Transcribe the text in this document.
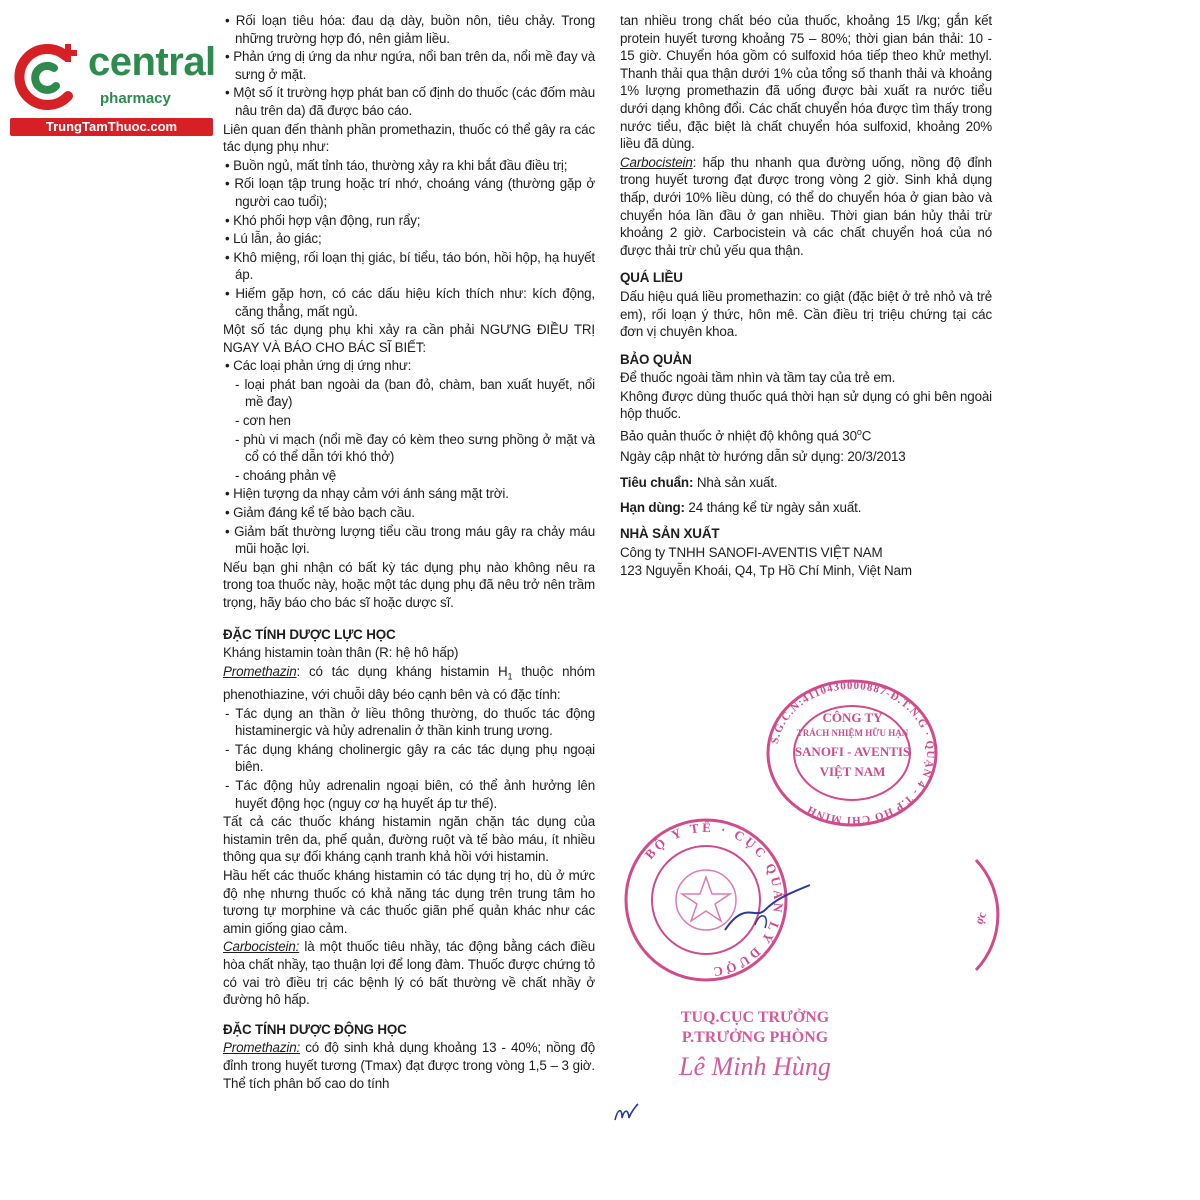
central
pharmacy
TrungTamThuoc.com

• Rối loạn tiêu hóa: đau dạ dày, buồn nôn, tiêu chảy. Trong những trường hợp đó, nên giảm liều.

• Phản ứng dị ứng da như ngứa, nổi ban trên da, nổi mề đay và sưng ở mặt.

• Một số ít trường hợp phát ban cố định do thuốc (các đốm màu nâu trên da) đã được báo cáo.

Liên quan đến thành phần promethazin, thuốc có thể gây ra các tác dụng phụ như:

• Buồn ngủ, mất tỉnh táo, thường xảy ra khi bắt đầu điều trị;

• Rối loạn tập trung hoặc trí nhớ, choáng váng (thường gặp ở người cao tuổi);

• Khó phối hợp vận động, run rẩy;

• Lú lẫn, ảo giác;

• Khô miệng, rối loạn thị giác, bí tiểu, táo bón, hồi hộp, hạ huyết áp.

• Hiếm gặp hơn, có các dấu hiệu kích thích như: kích động, căng thẳng, mất ngủ.

Một số tác dụng phụ khi xảy ra cần phải NGƯNG ĐIỀU TRỊ NGAY VÀ BÁO CHO BÁC SĨ BIẾT:

• Các loại phản ứng dị ứng như:

- loại phát ban ngoài da (ban đỏ, chàm, ban xuất huyết, nổi mề đay)

- cơn hen

- phù vi mạch (nổi mề đay có kèm theo sưng phồng ở mặt và cổ có thể dẫn tới khó thở)

- choáng phản vệ

• Hiện tượng da nhạy cảm với ánh sáng mặt trời.

• Giảm đáng kể tế bào bạch cầu.

• Giảm bất thường lượng tiểu cầu trong máu gây ra chảy máu mũi hoặc lợi.

Nếu bạn ghi nhận có bất kỳ tác dụng phụ nào không nêu ra trong toa thuốc này, hoặc một tác dụng phụ đã nêu trở nên trầm trọng, hãy báo cho bác sĩ hoặc dược sĩ.

ĐẶC TÍNH DƯỢC LỰC HỌC

Kháng histamin toàn thân (R: hệ hô hấp)

Promethazin: có tác dụng kháng histamin $H_1$ thuộc nhóm phenothiazine, với chuỗi dây béo cạnh bên và có đặc tính:

- Tác dụng an thần ở liều thông thường, do thuốc tác động histaminergic và hủy adrenalin ở thần kinh trung ương.

- Tác dụng kháng cholinergic gây ra các tác dụng phụ ngoại biên.

- Tác động hủy adrenalin ngoại biên, có thể ảnh hưởng lên huyết động học (nguy cơ hạ huyết áp tư thế).

Tất cả các thuốc kháng histamin ngăn chặn tác dụng của histamin trên da, phế quản, đường ruột và tế bào máu, ít nhiều thông qua sự đối kháng cạnh tranh khả hồi với histamin.

Hầu hết các thuốc kháng histamin có tác dụng trị ho, dù ở mức độ nhẹ nhưng thuốc có khả năng tác dụng trên trung tâm ho tương tự morphine và các thuốc giãn phế quản khác như các amin giống giao cảm.

Carbocistein: là một thuốc tiêu nhầy, tác động bằng cách điều hòa chất nhầy, tạo thuận lợi để long đàm. Thuốc được chứng tỏ có vai trò điều trị các bệnh lý có bất thường về chất nhầy ở đường hô hấp.

ĐẶC TÍNH DƯỢC ĐỘNG HỌC

Promethazin: có độ sinh khả dụng khoảng 13 - 40%; nồng độ đỉnh trong huyết tương (Tmax) đạt được trong vòng 1,5 – 3 giờ. Thể tích phân bố cao do tính

tan nhiều trong chất béo của thuốc, khoảng 15 l/kg; gắn kết protein huyết tương khoảng 75 – 80%; thời gian bán thải: 10 - 15 giờ. Chuyển hóa gồm có sulfoxid hóa tiếp theo khử methyl. Thanh thải qua thận dưới 1% của tổng số thanh thải và khoảng 1% lượng promethazin đã uống được bài xuất ra nước tiểu dưới dạng không đổi. Các chất chuyển hóa được tìm thấy trong nước tiểu, đặc biệt là chất chuyển hóa sulfoxid, khoảng 20% liều đã dùng.

Carbocistein: hấp thu nhanh qua đường uống, nồng độ đỉnh trong huyết tương đạt được trong vòng 2 giờ. Sinh khả dụng thấp, dưới 10% liều dùng, có thể do chuyển hóa ở gian bào và chuyển hóa lần đầu ở gan nhiều. Thời gian bán hủy thải trừ khoảng 2 giờ. Carbocistein và các chất chuyển hoá của nó được thải trừ chủ yếu qua thận.

QUÁ LIỀU

Dấu hiệu quá liều promethazin: co giật (đặc biệt ở trẻ nhỏ và trẻ em), rối loạn ý thức, hôn mê. Cần điều trị triệu chứng tại các đơn vị chuyên khoa.

BẢO QUẢN

Để thuốc ngoài tầm nhìn và tầm tay của trẻ em.

Không được dùng thuốc quá thời hạn sử dụng có ghi bên ngoài hộp thuốc.

Bảo quản thuốc ở nhiệt độ không quá 30$^o$C

Ngày cập nhật tờ hướng dẫn sử dụng: 20/3/2013

Tiêu chuẩn: Nhà sản xuất.

Hạn dùng: 24 tháng kể từ ngày sản xuất.

NHÀ SẢN XUẤT

Công ty TNHH SANOFI-AVENTIS VIỆT NAM

123 Nguyễn Khoái, Q4, Tp Hồ Chí Minh, Việt Nam

S.G.C.N:4110430000887-Đ.T.N.G · QUẬN 4 - T.P HỒ CHÍ MINH
CÔNG TY
TRÁCH NHIỆM HỮU HẠN
SANOFI - AVENTIS
VIỆT NAM
BỘ Y TẾ · CỤC QUẢN LÝ DƯỢC
ợc
TUQ.CỤC TRƯỞNG
P.TRƯỞNG PHÒNG
Lê Minh Hùng
